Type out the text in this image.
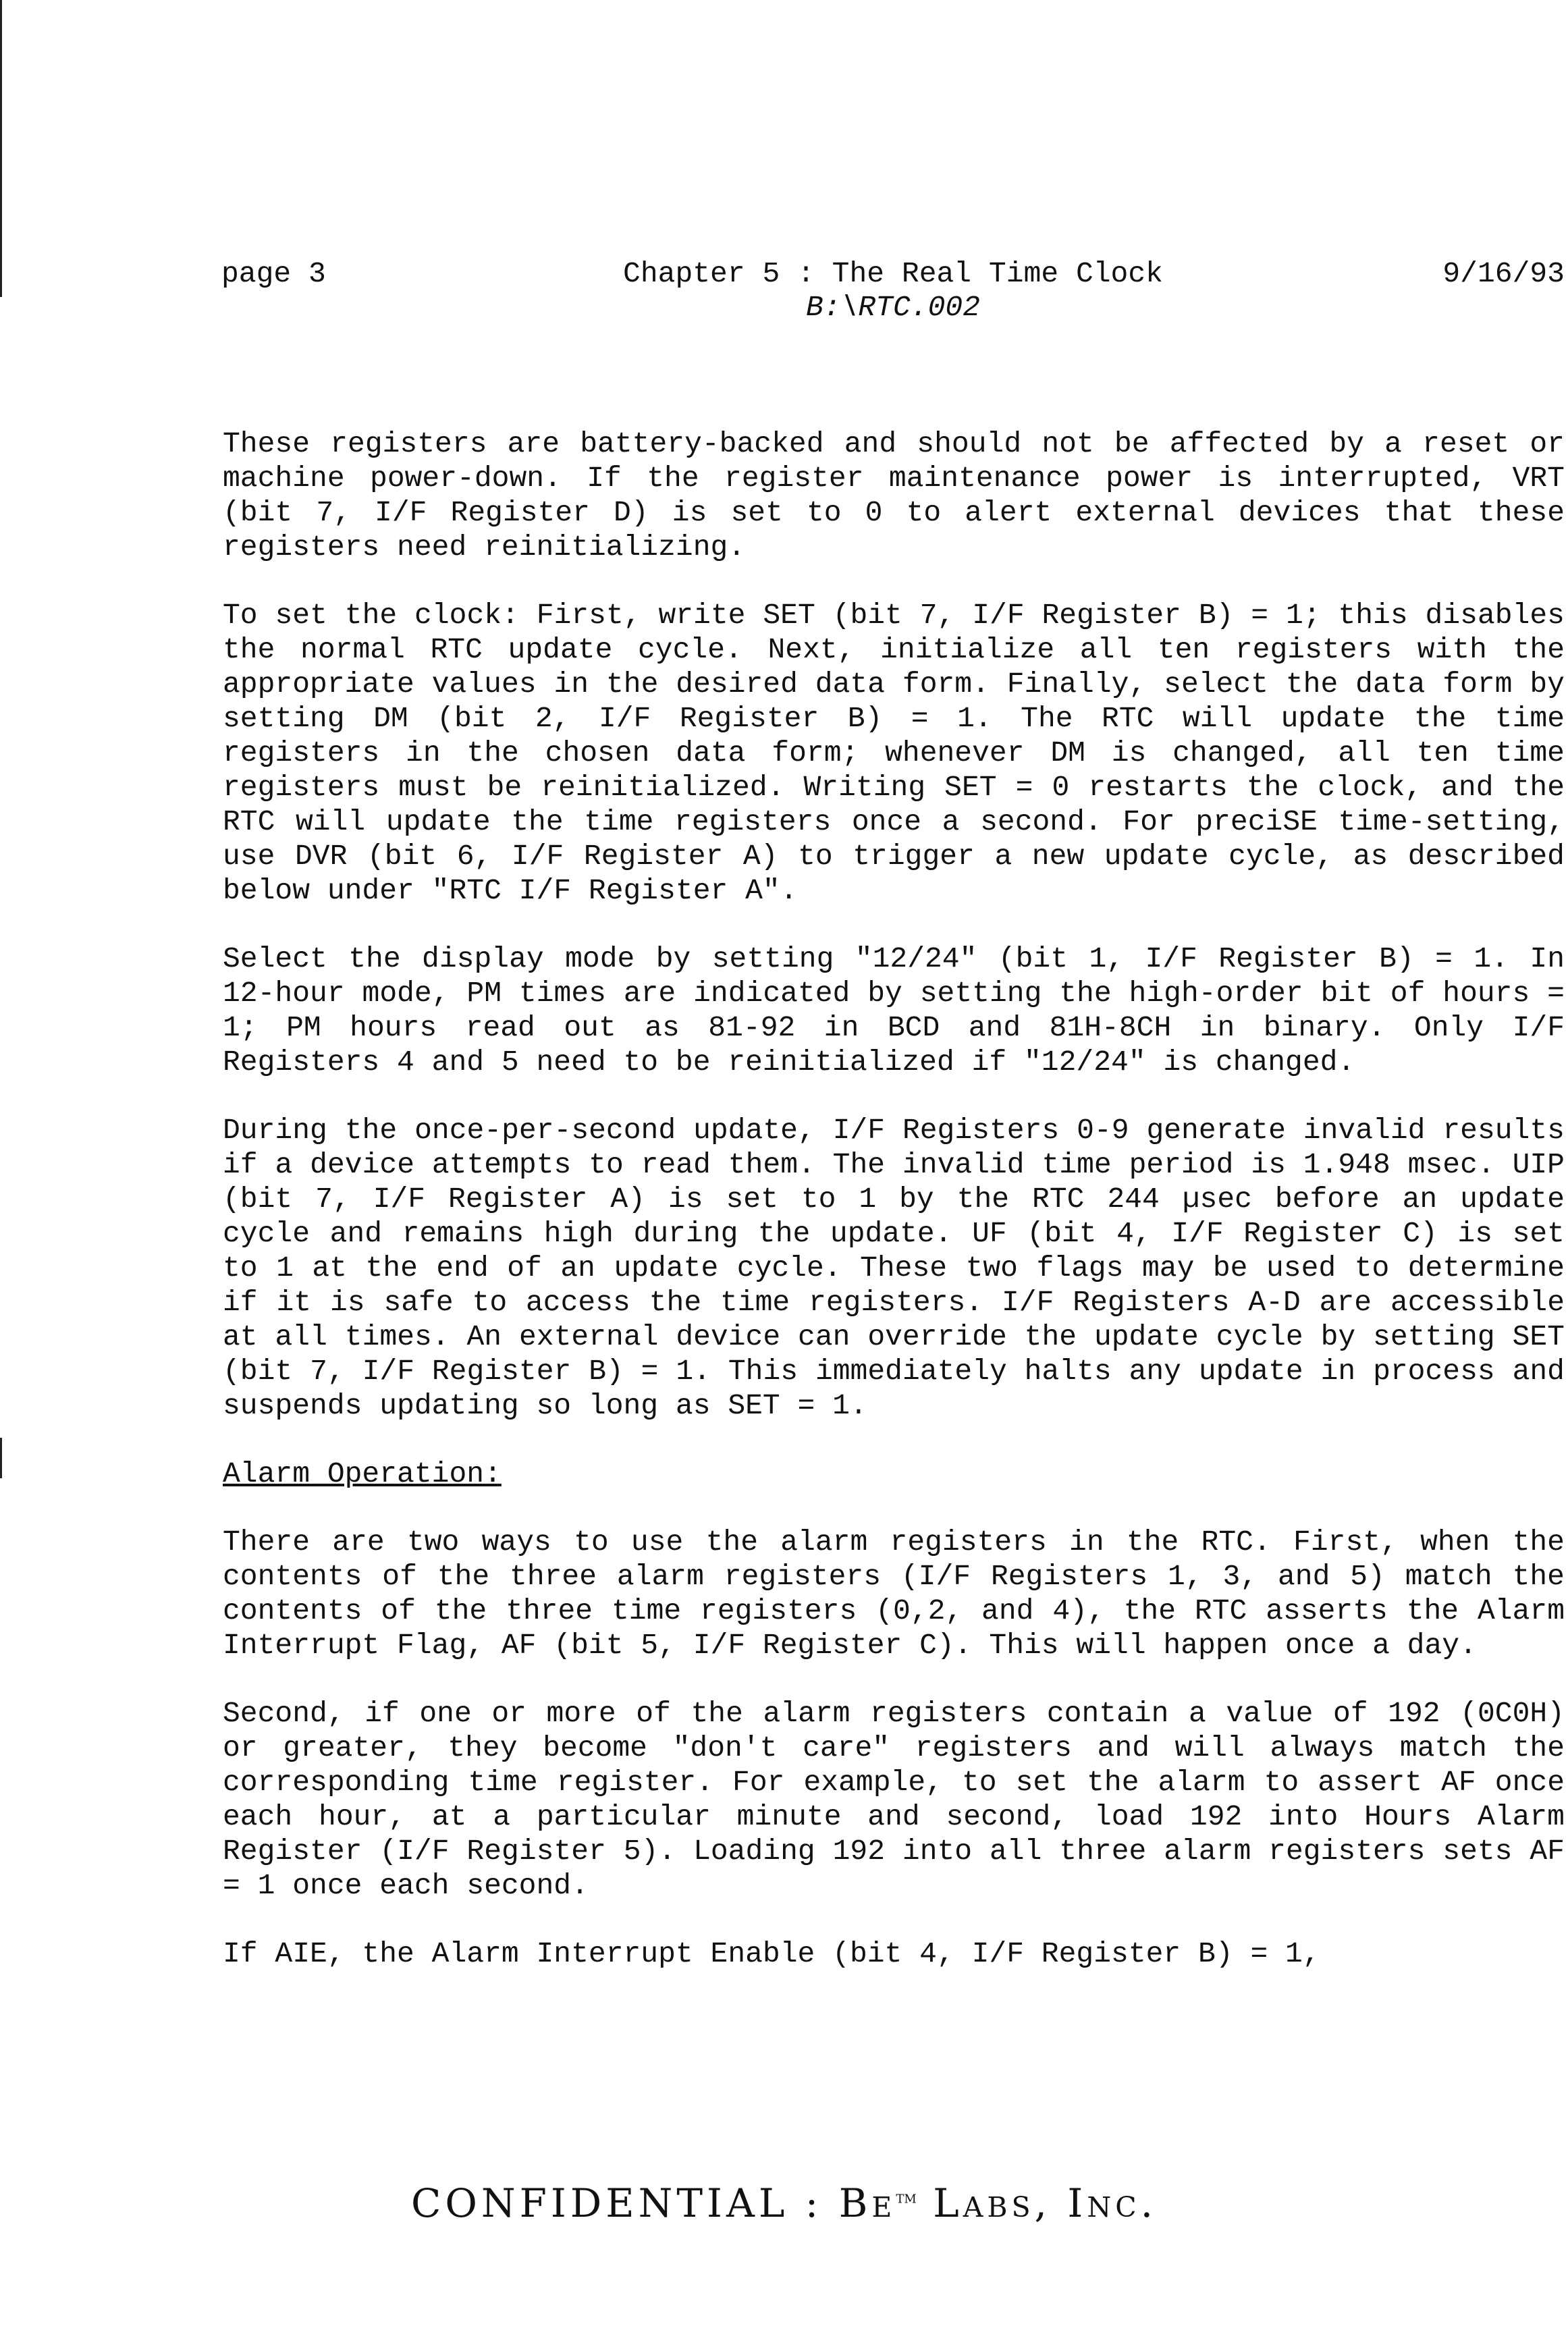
page 3	Chapter 5 : The Real Time Clock	9/16/93
B:\RTC.002

These registers are battery-backed and should not be affected by a reset or machine power-down. If the register maintenance power is interrupted, VRT (bit 7, I/F Register D) is set to 0 to alert external devices that these registers need reinitializing.

To set the clock: First, write SET (bit 7, I/F Register B) = 1; this disables the normal RTC update cycle. Next, initialize all ten registers with the appropriate values in the desired data form. Finally, select the data form by setting DM (bit 2, I/F Register B) = 1. The RTC will update the time registers in the chosen data form; whenever DM is changed, all ten time registers must be reinitialized. Writing SET = 0 restarts the clock, and the RTC will update the time registers once a second. For preciSE time-setting, use DVR (bit 6, I/F Register A) to trigger a new update cycle, as described below under "RTC I/F Register A".

Select the display mode by setting "12/24" (bit 1, I/F Register B) = 1. In 12-hour mode, PM times are indicated by setting the high-order bit of hours = 1; PM hours read out as 81-92 in BCD and 81H-8CH in binary. Only I/F Registers 4 and 5 need to be reinitialized if "12/24" is changed.

During the once-per-second update, I/F Registers 0-9 generate invalid results if a device attempts to read them. The invalid time period is 1.948 msec. UIP (bit 7, I/F Register A) is set to 1 by the RTC 244 µsec before an update cycle and remains high during the update. UF (bit 4, I/F Register C) is set to 1 at the end of an update cycle. These two flags may be used to determine if it is safe to access the time registers. I/F Registers A-D are accessible at all times. An external device can override the update cycle by setting SET (bit 7, I/F Register B) = 1. This immediately halts any update in process and suspends updating so long as SET = 1.

Alarm Operation:

There are two ways to use the alarm registers in the RTC. First, when the contents of the three alarm registers (I/F Registers 1, 3, and 5) match the contents of the three time registers (0,2, and 4), the RTC asserts the Alarm Interrupt Flag, AF (bit 5, I/F Register C). This will happen once a day.

Second, if one or more of the alarm registers contain a value of 192 (0C0H) or greater, they become "don't care" registers and will always match the corresponding time register. For example, to set the alarm to assert AF once each hour, at a particular minute and second, load 192 into Hours Alarm Register (I/F Register 5). Loading 192 into all three alarm registers sets AF = 1 once each second.

If AIE, the Alarm Interrupt Enable (bit 4, I/F Register B) = 1,

CONFIDENTIAL : $Be^{tm}$ Labs, Inc.
